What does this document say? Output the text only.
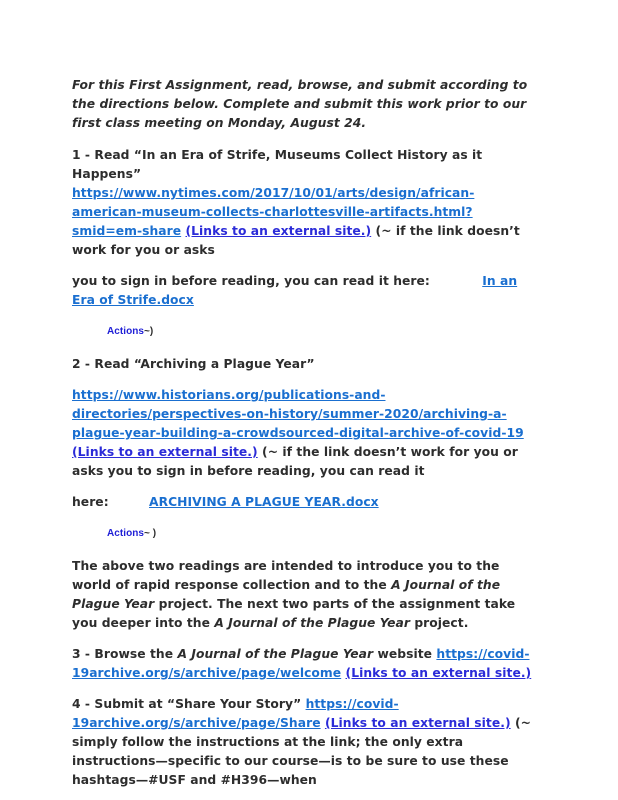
For this First Assignment, read, browse, and submit according to the directions below. Complete and submit this work prior to our first class meeting on Monday, August 24.

1 - Read “In an Era of Strife, Museums Collect History as it Happens” https://www.nytimes.com/2017/10/01/arts/design/african-american-museum-collects-charlottesville-artifacts.html?smid=em-share (Links to an external site.) (~ if the link doesn’t work for you or asks

you to sign in before reading, you can read it here:	In an Era of Strife.docx

Actions~)

2 - Read “Archiving a Plague Year”

https://www.historians.org/publications-and-directories/perspectives-on-history/summer-2020/archiving-a-plague-year-building-a-crowdsourced-digital-archive-of-covid-19 (Links to an external site.) (~ if the link doesn’t work for you or asks you to sign in before reading, you can read it

here:	ARCHIVING A PLAGUE YEAR.docx

Actions~ )

The above two readings are intended to introduce you to the world of rapid response collection and to the A Journal of the Plague Year project. The next two parts of the assignment take you deeper into the A Journal of the Plague Year project.

3 - Browse the A Journal of the Plague Year website https://covid-19archive.org/s/archive/page/welcome (Links to an external site.)

4 - Submit at “Share Your Story” https://covid-19archive.org/s/archive/page/Share (Links to an external site.) (~ simply follow the instructions at the link; the only extra instructions—specific to our course—is to be sure to use these hashtags—#USF and #H396—when
